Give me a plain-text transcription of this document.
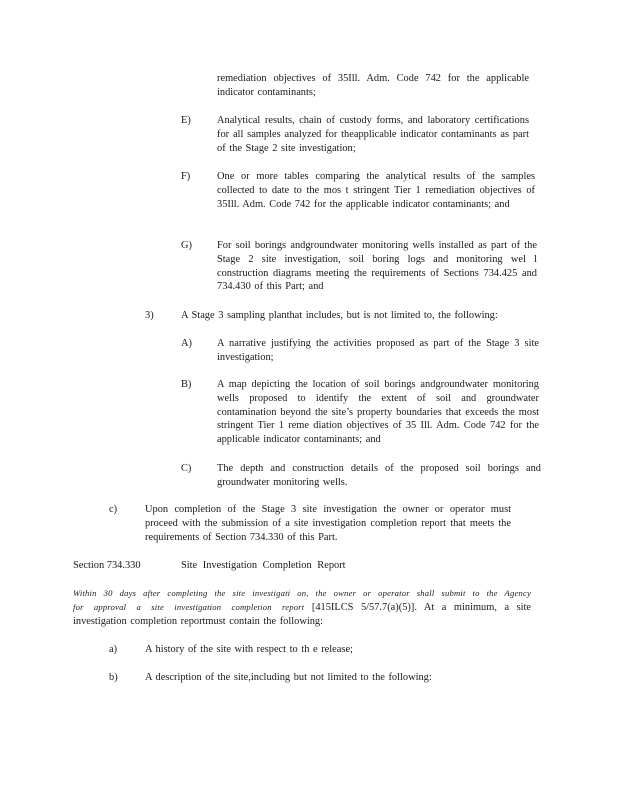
remediation objectives of 35Ill. Adm. Code 742 for the applicable indicator contaminants;
E)	Analytical results, chain of custody forms, and laboratory certifications for all samples analyzed for theapplicable indicator contaminants as part of the Stage 2 site investigation;
F)	One or more tables comparing the analytical results of the samples collected to date to the mos t stringent Tier 1 remediation objectives of 35Ill. Adm. Code 742 for the applicable indicator contaminants; and
G) For soil borings andgroundwater monitoring wells installed as part of the Stage 2 site investigation, soil boring logs and monitoring wel l construction diagrams meeting the requirements of Sections 734.425 and 734.430 of this Part; and
3)	A Stage 3 sampling planthat includes, but is not limited to, the following:
A) A narrative justifying the activities proposed as part of the Stage 3 site investigation;
B) A map depicting the location of soil borings andgroundwater monitoring wells proposed to identify the extent of soil and groundwater contamination beyond the site’s property boundaries that exceeds the most stringent Tier 1 reme diation objectives of 35 Ill. Adm. Code 742 for the applicable indicator contaminants; and
C) The depth and construction details of the proposed soil borings and groundwater monitoring wells.
c)	Upon completion of the Stage 3 site investigation the owner or operator must proceed with the submission of a site investigation completion report that meets the requirements of Section 734.330 of this Part.
Section 734.330	Site Investigation Completion Report
Within 30 days after completing the site investigati on, the owner or operator shall submit to the Agency for approval a site investigation completion report [415ILCS 5/57.7(a)(5)]. At a minimum, a site investigation completion reportmust contain the following:
a)	A history of the site with respect to th e release;
b)	A description of the site,including but not limited to the following:
